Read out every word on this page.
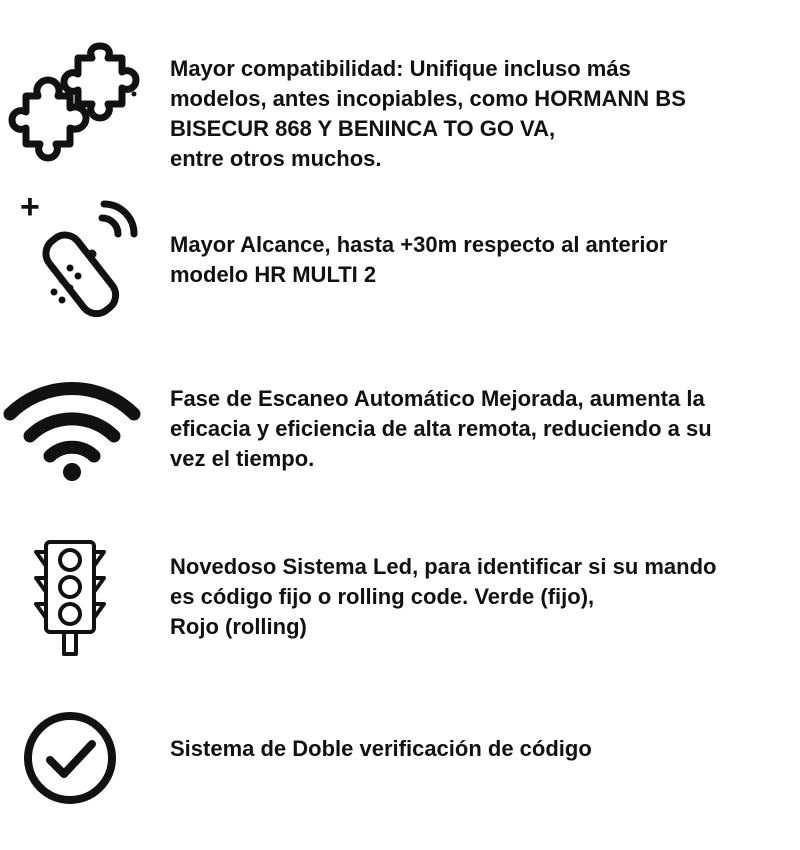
Mayor compatibilidad: Unifique incluso más
modelos, antes incopiables, como HORMANN BS
BISECUR 868 Y BENINCA TO GO VA,
entre otros muchos.
+
Mayor Alcance, hasta +30m respecto al anterior
modelo HR MULTI 2
Fase de Escaneo Automático Mejorada, aumenta la
eficacia y eficiencia de alta remota, reduciendo a su
vez el tiempo.
Novedoso Sistema Led, para identificar si su mando
es código fijo o rolling code. Verde (fijo),
Rojo (rolling)
Sistema de Doble verificación de código
